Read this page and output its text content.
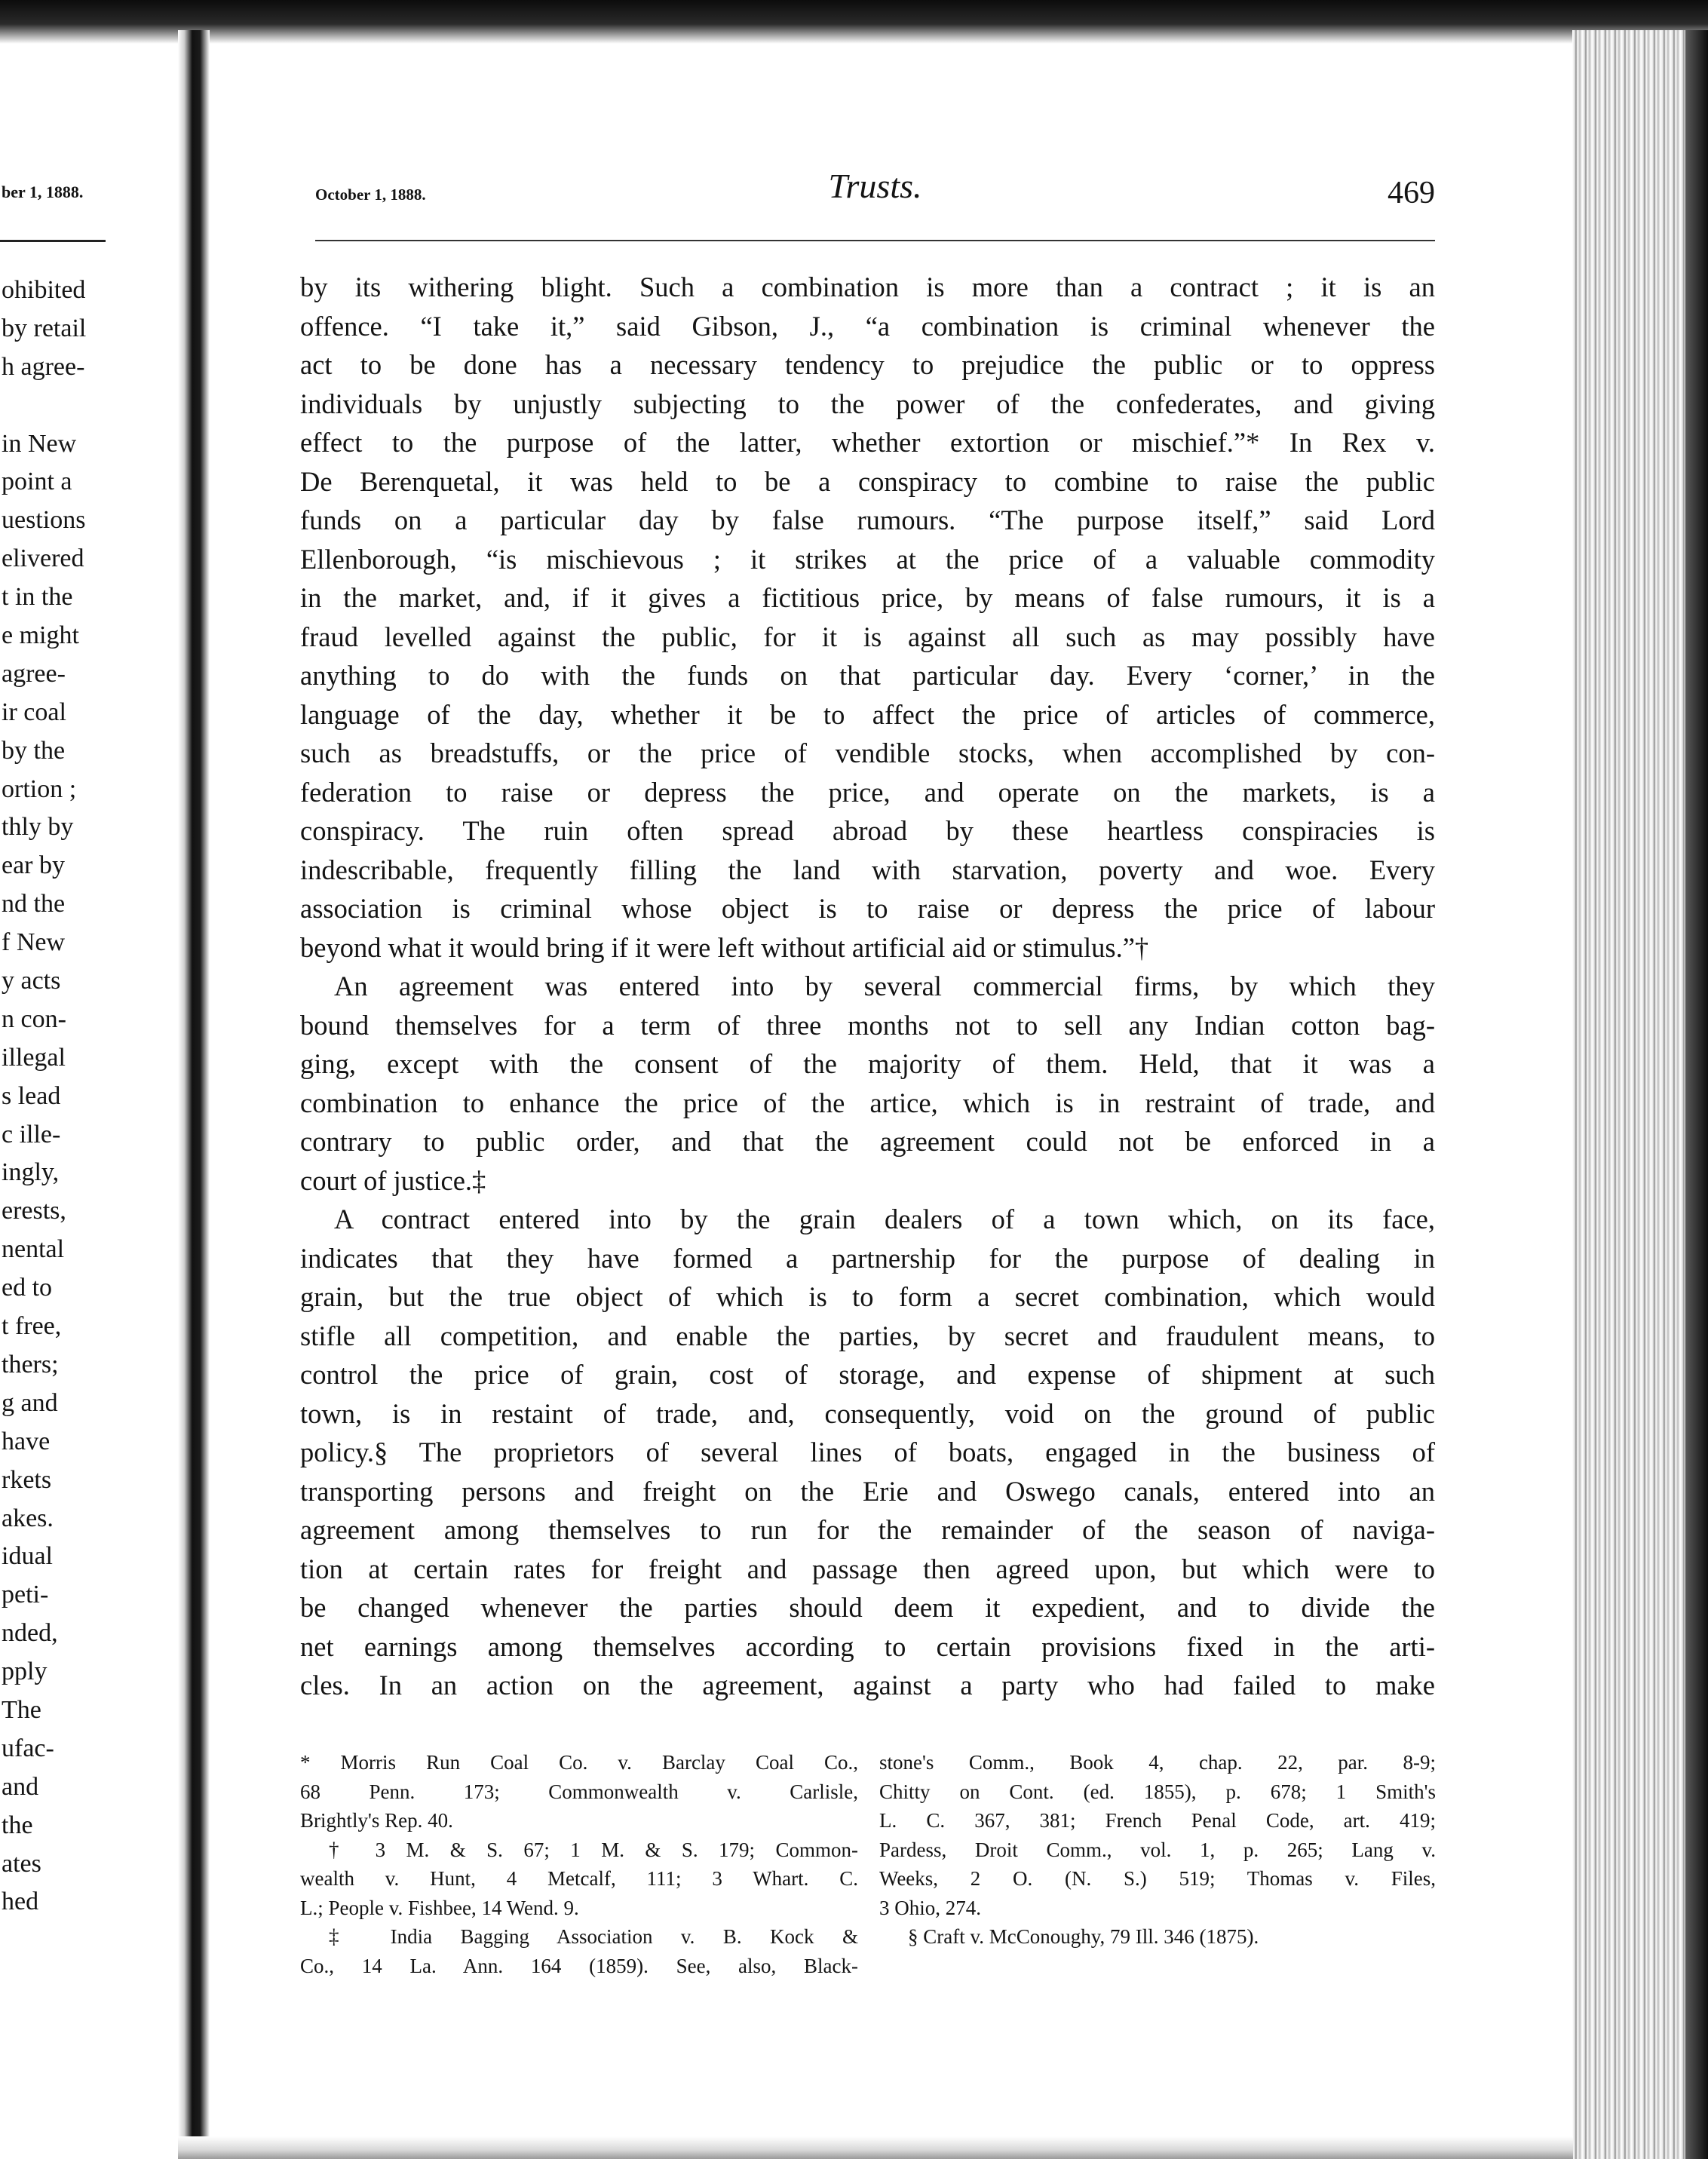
ber 1, 1888.
ohibited
by retail
h agree-
in New
point a
uestions
elivered
t in the
e might
agree-
ir coal
by the
ortion ;
thly by
ear by
nd the
f New
y acts
n con-
illegal
s lead
c ille-
ingly,
erests,
nental
ed to
t free,
thers;
g and
have
rkets
akes.
idual
peti-
nded,
pply
The
ufac-
and
the
ates
hed
October 1, 1888.	Trusts.	469
by its withering blight. Such a combination is more than a contract ; it is an
offence. “I take it,” said Gibson, J., “a combination is criminal whenever the
act to be done has a necessary tendency to prejudice the public or to oppress
individuals by unjustly subjecting to the power of the confederates, and giving
effect to the purpose of the latter, whether extortion or mischief.”* In Rex v.
De Berenquetal, it was held to be a conspiracy to combine to raise the public
funds on a particular day by false rumours. “The purpose itself,” said Lord
Ellenborough, “is mischievous ; it strikes at the price of a valuable commodity
in the market, and, if it gives a fictitious price, by means of false rumours, it is a
fraud levelled against the public, for it is against all such as may possibly have
anything to do with the funds on that particular day. Every ‘corner,’ in the
language of the day, whether it be to affect the price of articles of commerce,
such as breadstuffs, or the price of vendible stocks, when accomplished by con-
federation to raise or depress the price, and operate on the markets, is a
conspiracy. The ruin often spread abroad by these heartless conspiracies is
indescribable, frequently filling the land with starvation, poverty and woe. Every
association is criminal whose object is to raise or depress the price of labour
beyond what it would bring if it were left without artificial aid or stimulus.”†
An agreement was entered into by several commercial firms, by which they
bound themselves for a term of three months not to sell any Indian cotton bag-
ging, except with the consent of the majority of them. Held, that it was a
combination to enhance the price of the artice, which is in restraint of trade, and
contrary to public order, and that the agreement could not be enforced in a
court of justice.‡
A contract entered into by the grain dealers of a town which, on its face,
indicates that they have formed a partnership for the purpose of dealing in
grain, but the true object of which is to form a secret combination, which would
stifle all competition, and enable the parties, by secret and fraudulent means, to
control the price of grain, cost of storage, and expense of shipment at such
town, is in restaint of trade, and, consequently, void on the ground of public
policy.§ The proprietors of several lines of boats, engaged in the business of
transporting persons and freight on the Erie and Oswego canals, entered into an
agreement among themselves to run for the remainder of the season of naviga-
tion at certain rates for freight and passage then agreed upon, but which were to
be changed whenever the parties should deem it expedient, and to divide the
net earnings among themselves according to certain provisions fixed in the arti-
cles. In an action on the agreement, against a party who had failed to make
* Morris Run Coal Co. v. Barclay Coal Co.,
68 Penn. 173; Commonwealth v. Carlisle,
Brightly's Rep. 40.
† 3 M. & S. 67; 1 M. & S. 179; Common-
wealth v. Hunt, 4 Metcalf, 111; 3 Whart. C.
L.; People v. Fishbee, 14 Wend. 9.
‡ India Bagging Association v. B. Kock &
Co., 14 La. Ann. 164 (1859). See, also, Black-
stone's Comm., Book 4, chap. 22, par. 8-9;
Chitty on Cont. (ed. 1855), p. 678; 1 Smith's
L. C. 367, 381; French Penal Code, art. 419;
Pardess, Droit Comm., vol. 1, p. 265; Lang v.
Weeks, 2 O. (N. S.) 519; Thomas v. Files,
3 Ohio, 274.
§ Craft v. McConoughy, 79 Ill. 346 (1875).
